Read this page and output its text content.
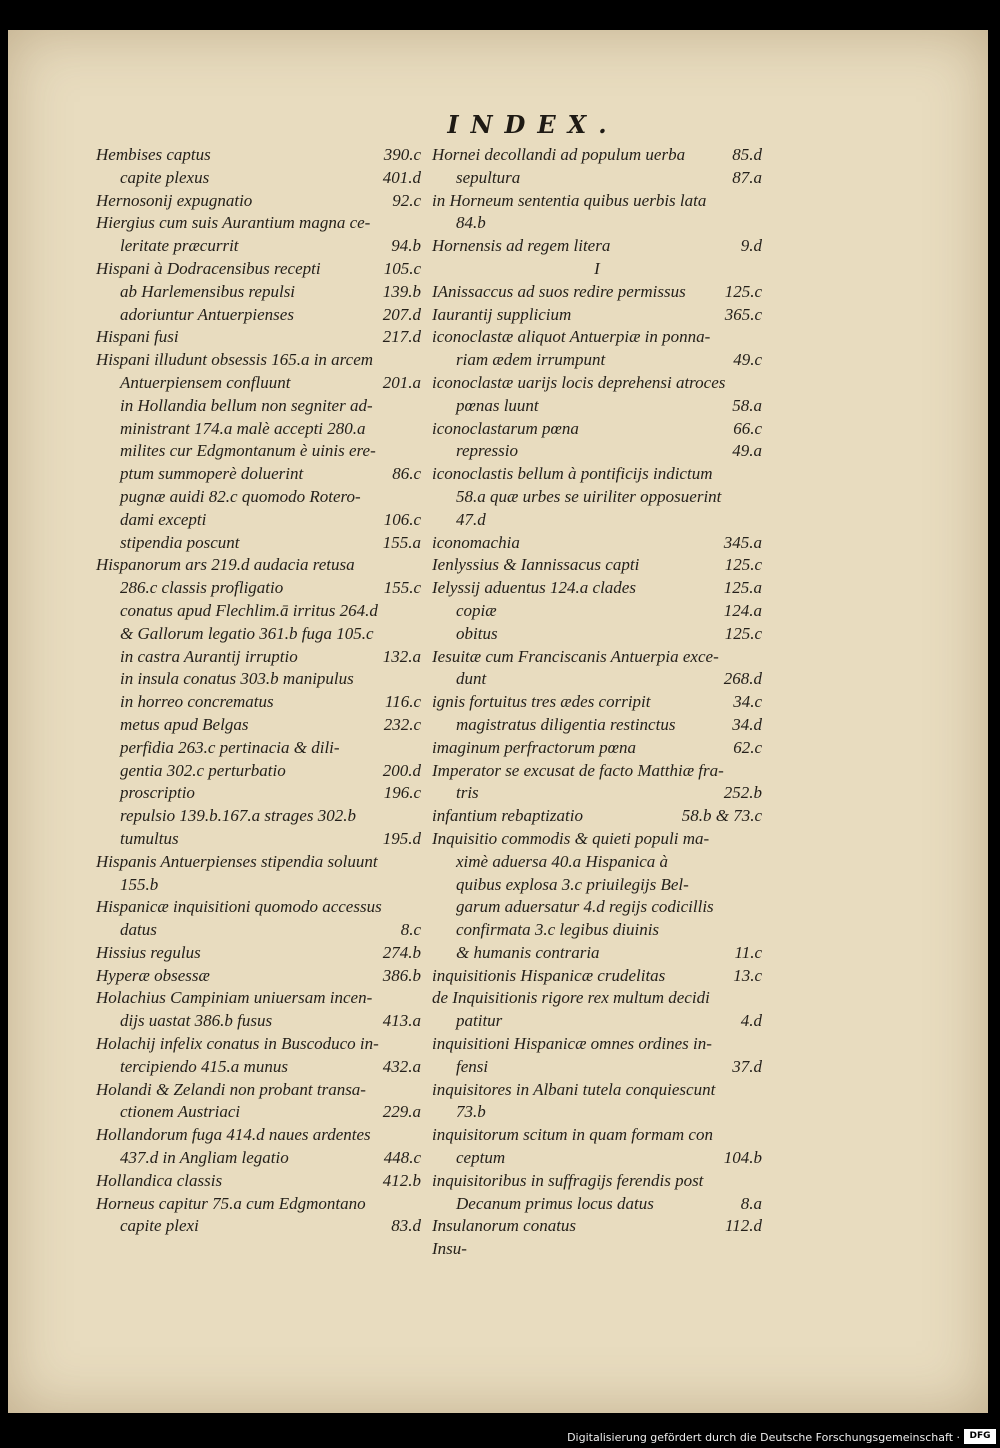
INDEX.
Hembises captus	390.c
capite plexus	401.d
Hernosonij expugnatio	92.c
Hiergius cum suis Aurantium magna ce-
leritate præcurrit	94.b
Hispani à Dodracensibus recepti	105.c
ab Harlemensibus repulsi	139.b
adoriuntur Antuerpienses	207.d
Hispani fusi	217.d
Hispani illudunt obsessis 165.a in arcem
Antuerpiensem confluunt	201.a
in Hollandia bellum non segniter ad-
ministrant 174.a malè accepti 280.a
milites cur Edgmontanum è uinis ere-
ptum summoperè doluerint	86.c
pugnæ auidi 82.c quomodo Rotero-
dami excepti	106.c
stipendia poscunt	155.a
Hispanorum ars 219.d audacia retusa
286.c classis profligatio	155.c
conatus apud Flechlim.ā irritus 264.d
& Gallorum legatio 361.b fuga 105.c
in castra Aurantij irruptio	132.a
in insula conatus 303.b manipulus
in horreo concrematus	116.c
metus apud Belgas	232.c
perfidia 263.c pertinacia & dili-
gentia 302.c perturbatio	200.d
proscriptio	196.c
repulsio 139.b.167.a strages 302.b
tumultus	195.d
Hispanis Antuerpienses stipendia soluunt
155.b
Hispanicæ inquisitioni quomodo accessus
datus	8.c
Hissius regulus	274.b
Hyperæ obsessæ	386.b
Holachius Campiniam uniuersam incen-
dijs uastat 386.b fusus	413.a
Holachij infelix conatus in Buscoduco in-
tercipiendo 415.a munus	432.a
Holandi & Zelandi non probant transa-
ctionem Austriaci	229.a
Hollandorum fuga 414.d naues ardentes
437.d in Angliam legatio	448.c
Hollandica classis	412.b
Horneus capitur 75.a cum Edgmontano
capite plexi	83.d
Hornei decollandi ad populum uerba	85.d
sepultura	87.a
in Horneum sententia quibus uerbis lata
84.b
Hornensis ad regem litera	9.d
I
IAnissaccus ad suos redire permissus	125.c
Iaurantij supplicium	365.c
iconoclastæ aliquot Antuerpiæ in ponna-
riam ædem irrumpunt	49.c
iconoclastæ uarijs locis deprehensi atroces
pœnas luunt	58.a
iconoclastarum pœna	66.c
repressio	49.a
iconoclastis bellum à pontificijs indictum
58.a quæ urbes se uiriliter opposuerint
47.d
iconomachia	345.a
Ienlyssius & Iannissacus capti	125.c
Ielyssij aduentus 124.a clades	125.a
copiæ	124.a
obitus	125.c
Iesuitæ cum Franciscanis Antuerpia exce-
dunt	268.d
ignis fortuitus tres ædes corripit	34.c
magistratus diligentia restinctus	34.d
imaginum perfractorum pœna	62.c
Imperator se excusat de facto Matthiæ fra-
tris	252.b
infantium rebaptizatio	58.b & 73.c
Inquisitio commodis & quieti populi ma-
ximè aduersa 40.a Hispanica à
quibus explosa 3.c priuilegijs Bel-
garum aduersatur 4.d regijs codicillis
confirmata 3.c legibus diuinis
& humanis contraria	11.c
inquisitionis Hispanicæ crudelitas	13.c
de Inquisitionis rigore rex multum decidi
patitur	4.d
inquisitioni Hispanicæ omnes ordines in-
fensi	37.d
inquisitores in Albani tutela conquiescunt
73.b
inquisitorum scitum in quam formam con
ceptum	104.b
inquisitoribus in suffragijs ferendis post
Decanum primus locus datus	8.a
Insulanorum conatus	112.d
Insu-
Digitalisierung gefördert durch die Deutsche Forschungsgemeinschaft ·	DFG
